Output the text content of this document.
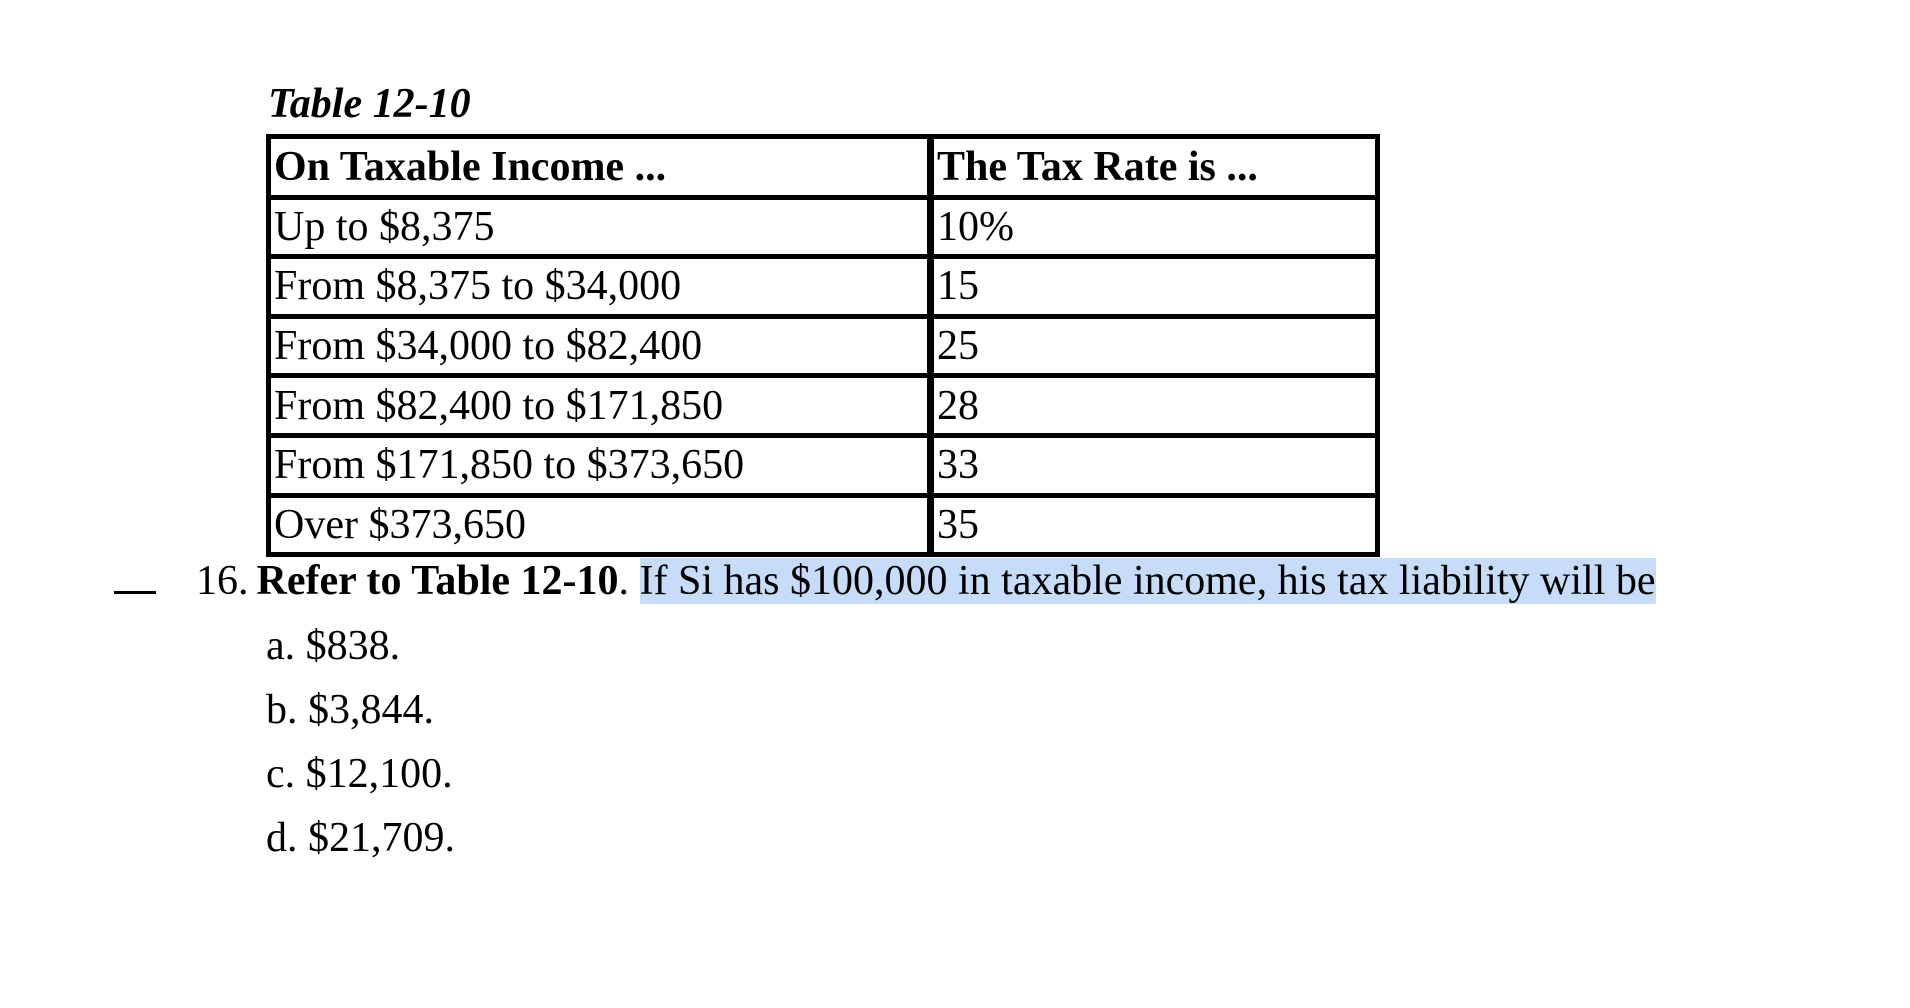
Table 12-10

On Taxable Income ...	The Tax Rate is ...
Up to $8,375	10%
From $8,375 to $34,000	15
From $34,000 to $82,400	25
From $82,400 to $171,850	28
From $171,850 to $373,650	33
Over $373,650	35
16. Refer to Table 12-10. If Si has $100,000 in taxable income, his tax liability will be
a. $838.
b. $3,844.
c. $12,100.
d. $21,709.
